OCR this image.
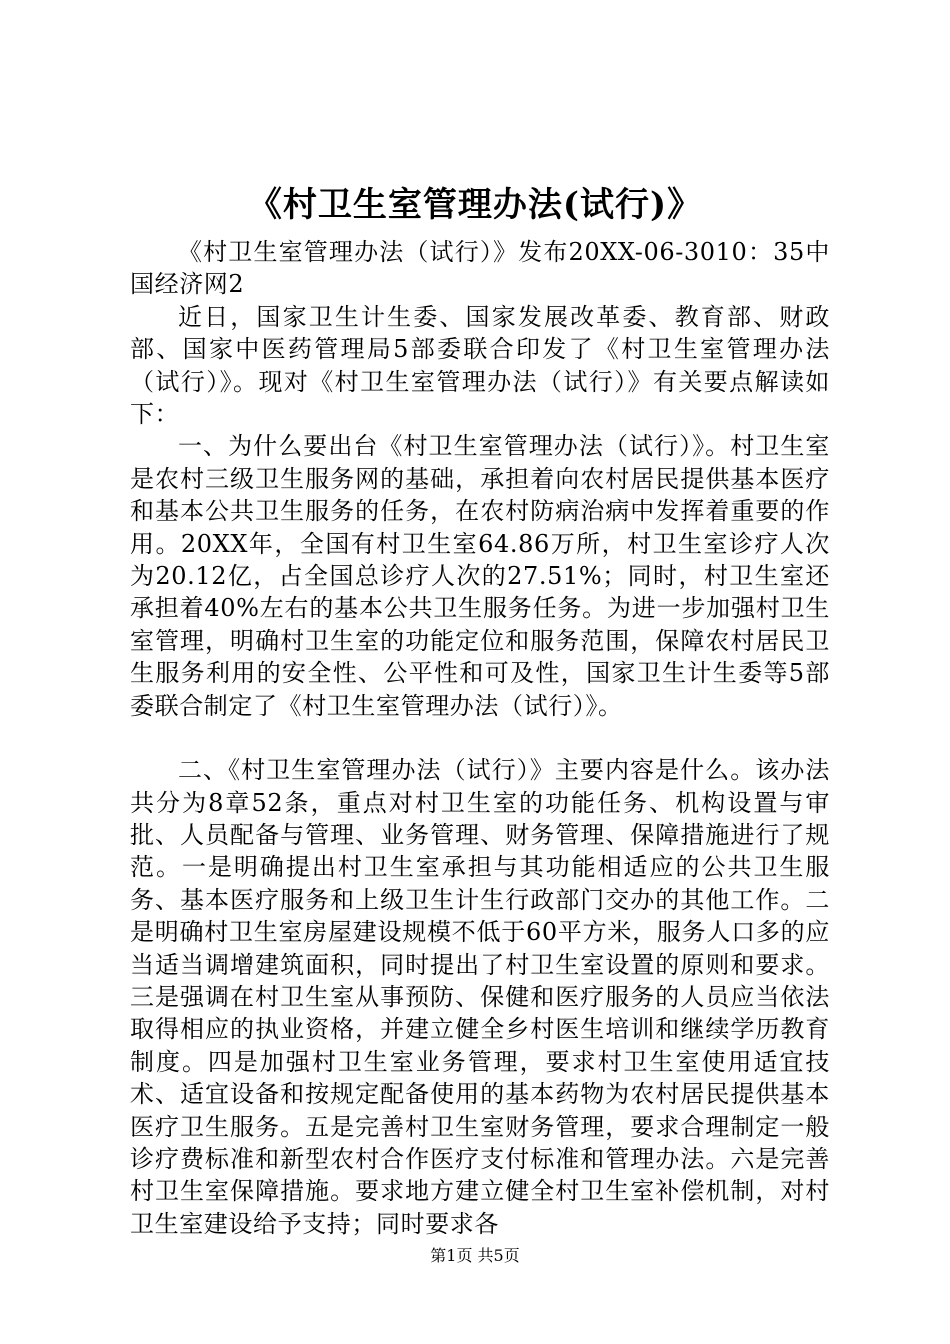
《村卫生室管理办法(试行)》

《村卫生室管理办法（试行）》发布20XX-06-3010：35中国经济网2

近日，国家卫生计生委、国家发展改革委、教育部、财政部、国家中医药管理局5部委联合印发了《村卫生室管理办法（试行）》。现对《村卫生室管理办法（试行）》有关要点解读如下：

一、为什么要出台《村卫生室管理办法（试行）》。村卫生室是农村三级卫生服务网的基础，承担着向农村居民提供基本医疗和基本公共卫生服务的任务，在农村防病治病中发挥着重要的作用。20XX年，全国有村卫生室64.86万所，村卫生室诊疗人次为20.12亿，占全国总诊疗人次的27.51%；同时，村卫生室还承担着40%左右的基本公共卫生服务任务。为进一步加强村卫生室管理，明确村卫生室的功能定位和服务范围，保障农村居民卫生服务利用的安全性、公平性和可及性，国家卫生计生委等5部委联合制定了《村卫生室管理办法（试行）》。

二、《村卫生室管理办法（试行）》主要内容是什么。该办法共分为8章52条，重点对村卫生室的功能任务、机构设置与审批、人员配备与管理、业务管理、财务管理、保障措施进行了规范。一是明确提出村卫生室承担与其功能相适应的公共卫生服务、基本医疗服务和上级卫生计生行政部门交办的其他工作。二是明确村卫生室房屋建设规模不低于60平方米，服务人口多的应当适当调增建筑面积，同时提出了村卫生室设置的原则和要求。三是强调在村卫生室从事预防、保健和医疗服务的人员应当依法取得相应的执业资格，并建立健全乡村医生培训和继续学历教育制度。四是加强村卫生室业务管理，要求村卫生室使用适宜技术、适宜设备和按规定配备使用的基本药物为农村居民提供基本医疗卫生服务。五是完善村卫生室财务管理，要求合理制定一般诊疗费标准和新型农村合作医疗支付标准和管理办法。六是完善村卫生室保障措施。要求地方建立健全村卫生室补偿机制，对村卫生室建设给予支持；同时要求各

第1页 共5页
